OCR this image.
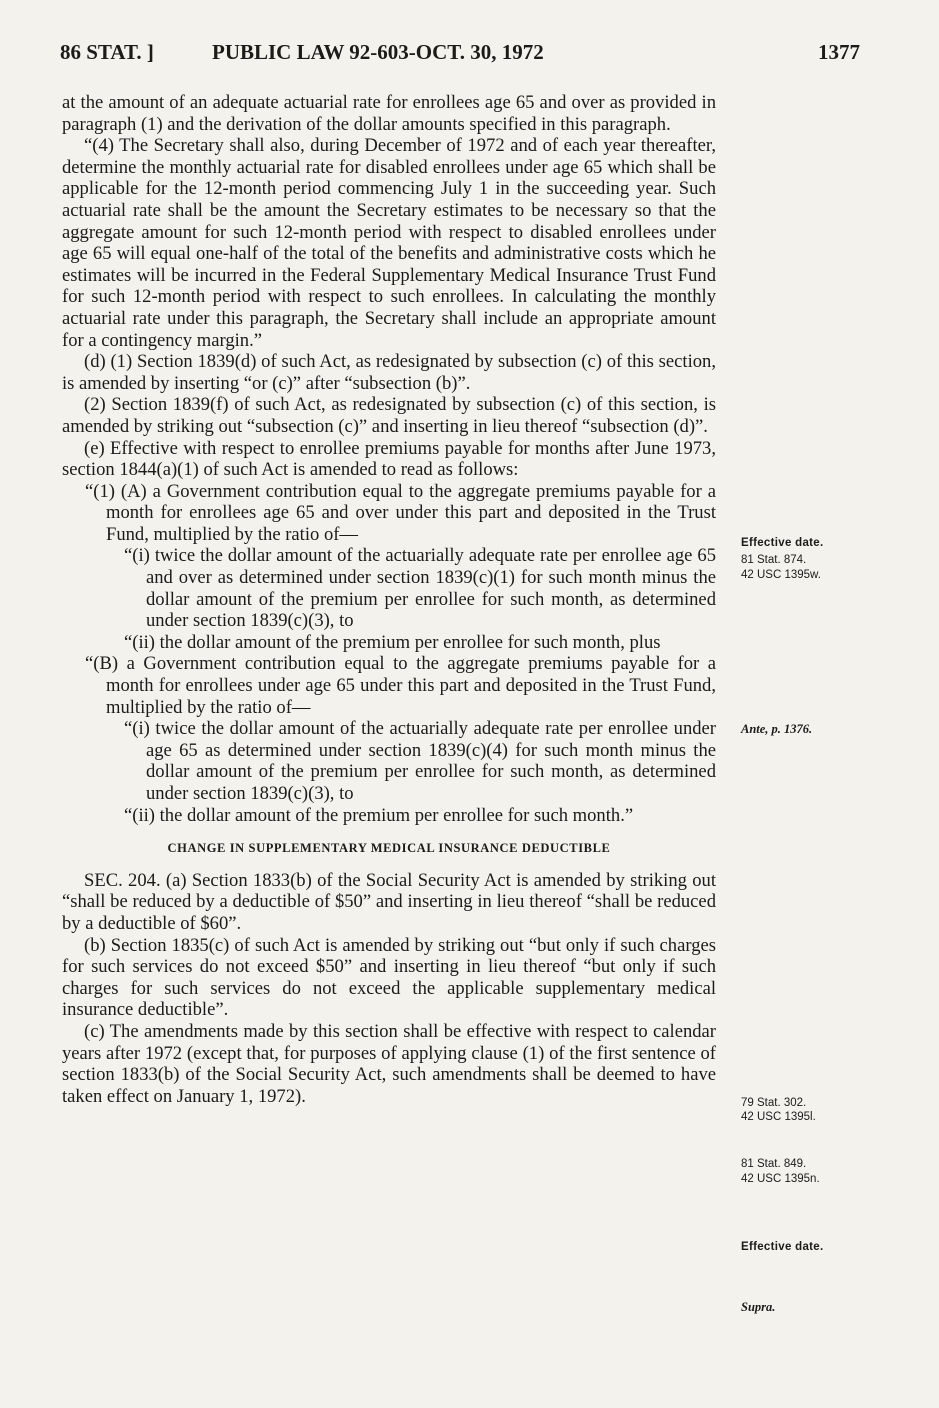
86 STAT. ]	PUBLIC LAW 92-603-OCT. 30, 1972	1377

at the amount of an adequate actuarial rate for enrollees age 65 and over as provided in paragraph (1) and the derivation of the dollar amounts specified in this paragraph.

“(4) The Secretary shall also, during December of 1972 and of each year thereafter, determine the monthly actuarial rate for disabled enrollees under age 65 which shall be applicable for the 12-month period commencing July 1 in the succeeding year. Such actuarial rate shall be the amount the Secretary estimates to be necessary so that the aggregate amount for such 12-month period with respect to disabled enrollees under age 65 will equal one-half of the total of the benefits and administrative costs which he estimates will be incurred in the Federal Supplementary Medical Insurance Trust Fund for such 12-month period with respect to such enrollees. In calculating the monthly actuarial rate under this paragraph, the Secretary shall include an appropriate amount for a contingency margin.”

(d) (1) Section 1839(d) of such Act, as redesignated by subsection (c) of this section, is amended by inserting “or (c)” after “subsection (b)”.

(2) Section 1839(f) of such Act, as redesignated by subsection (c) of this section, is amended by striking out “subsection (c)” and inserting in lieu thereof “subsection (d)”.

(e) Effective with respect to enrollee premiums payable for months after June 1973, section 1844(a)(1) of such Act is amended to read as follows:

“(1) (A) a Government contribution equal to the aggregate premiums payable for a month for enrollees age 65 and over under this part and deposited in the Trust Fund, multiplied by the ratio of—

“(i) twice the dollar amount of the actuarially adequate rate per enrollee age 65 and over as determined under section 1839(c)(1) for such month minus the dollar amount of the premium per enrollee for such month, as determined under section 1839(c)(3), to

“(ii) the dollar amount of the premium per enrollee for such month, plus

“(B) a Government contribution equal to the aggregate premiums payable for a month for enrollees under age 65 under this part and deposited in the Trust Fund, multiplied by the ratio of—

“(i) twice the dollar amount of the actuarially adequate rate per enrollee under age 65 as determined under section 1839(c)(4) for such month minus the dollar amount of the premium per enrollee for such month, as determined under section 1839(c)(3), to

“(ii) the dollar amount of the premium per enrollee for such month.”

CHANGE IN SUPPLEMENTARY MEDICAL INSURANCE DEDUCTIBLE

SEC. 204. (a) Section 1833(b) of the Social Security Act is amended by striking out “shall be reduced by a deductible of $50” and inserting in lieu thereof “shall be reduced by a deductible of $60”.

(b) Section 1835(c) of such Act is amended by striking out “but only if such charges for such services do not exceed $50” and inserting in lieu thereof “but only if such charges for such services do not exceed the applicable supplementary medical insurance deductible”.

(c) The amendments made by this section shall be effective with respect to calendar years after 1972 (except that, for purposes of applying clause (1) of the first sentence of section 1833(b) of the Social Security Act, such amendments shall be deemed to have taken effect on January 1, 1972).

Effective date.
81 Stat. 874.
42 USC 1395w.
Ante, p. 1376.
79 Stat. 302.
42 USC 1395l.
81 Stat. 849.
42 USC 1395n.
Effective date.
Supra.
